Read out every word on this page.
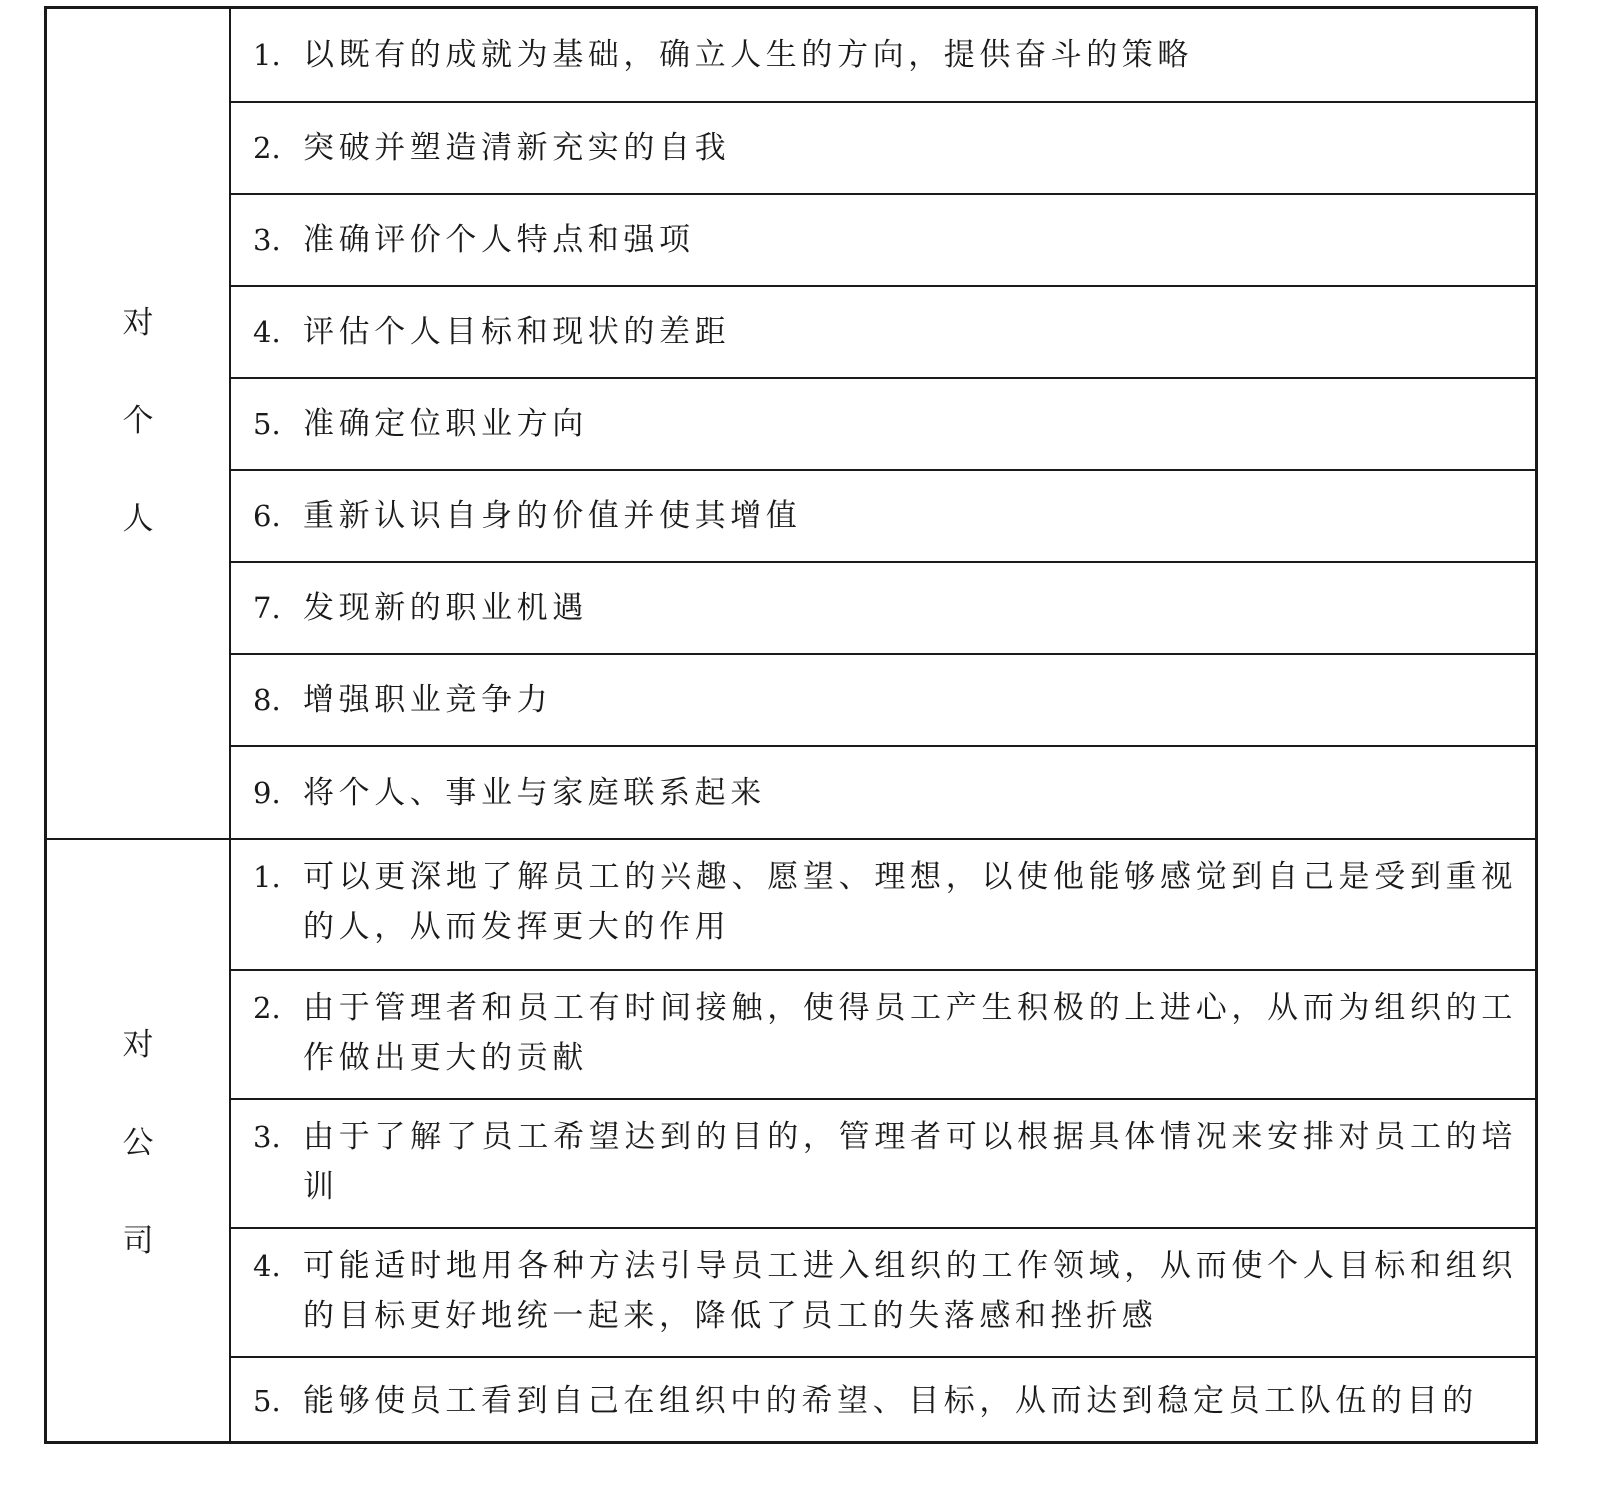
对
个
人
1. 以既有的成就为基础，确立人生的方向，提供奋斗的策略
2. 突破并塑造清新充实的自我
3. 准确评价个人特点和强项
4. 评估个人目标和现状的差距
5. 准确定位职业方向
6. 重新认识自身的价值并使其增值
7. 发现新的职业机遇
8. 增强职业竞争力
9. 将个人、事业与家庭联系起来
对
公
司
1. 可以更深地了解员工的兴趣、愿望、理想，以使他能够感觉到自己是受到重视的人，从而发挥更大的作用
2. 由于管理者和员工有时间接触，使得员工产生积极的上进心，从而为组织的工作做出更大的贡献
3. 由于了解了员工希望达到的目的，管理者可以根据具体情况来安排对员工的培训
4. 可能适时地用各种方法引导员工进入组织的工作领域，从而使个人目标和组织的目标更好地统一起来，降低了员工的失落感和挫折感
5. 能够使员工看到自己在组织中的希望、目标，从而达到稳定员工队伍的目的
